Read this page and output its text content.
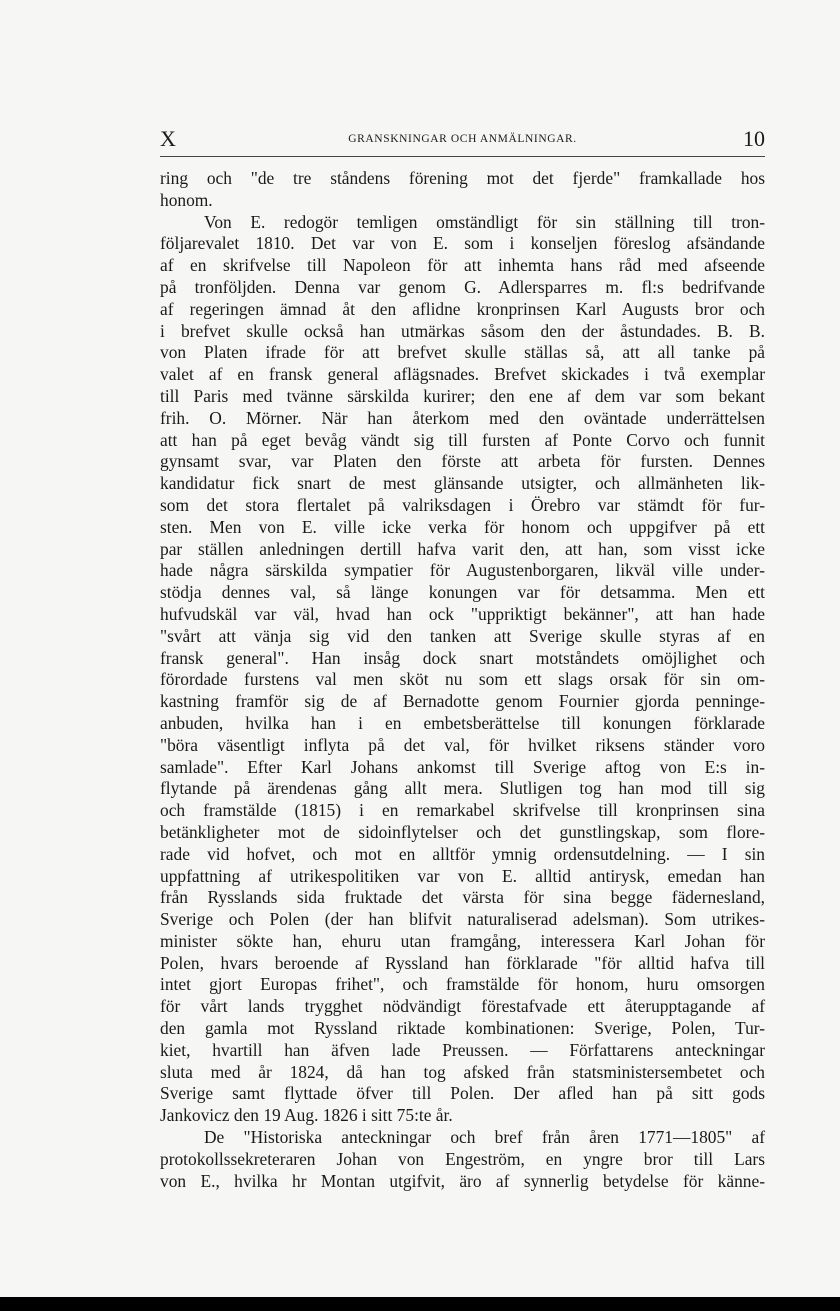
X	GRANSKNINGAR OCH ANMÄLNINGAR.	10
ring och "de tre ståndens förening mot det fjerde" framkallade hos
honom.
Von E. redogör temligen omständligt för sin ställning till tron-
följarevalet 1810. Det var von E. som i konseljen föreslog afsändande
af en skrifvelse till Napoleon för att inhemta hans råd med afseende
på tronföljden. Denna var genom G. Adlersparres m. fl:s bedrifvande
af regeringen ämnad åt den aflidne kronprinsen Karl Augusts bror och
i brefvet skulle också han utmärkas såsom den der åstundades. B. B.
von Platen ifrade för att brefvet skulle ställas så, att all tanke på
valet af en fransk general aflägsnades. Brefvet skickades i två exemplar
till Paris med tvänne särskilda kurirer; den ene af dem var som bekant
frih. O. Mörner. När han återkom med den oväntade underrättelsen
att han på eget bevåg vändt sig till fursten af Ponte Corvo och funnit
gynsamt svar, var Platen den förste att arbeta för fursten. Dennes
kandidatur fick snart de mest glänsande utsigter, och allmänheten lik-
som det stora flertalet på valriksdagen i Örebro var stämdt för fur-
sten. Men von E. ville icke verka för honom och uppgifver på ett
par ställen anledningen dertill hafva varit den, att han, som visst icke
hade några särskilda sympatier för Augustenborgaren, likväl ville under-
stödja dennes val, så länge konungen var för detsamma. Men ett
hufvudskäl var väl, hvad han ock "uppriktigt bekänner", att han hade
"svårt att vänja sig vid den tanken att Sverige skulle styras af en
fransk general". Han insåg dock snart motståndets omöjlighet och
förordade furstens val men sköt nu som ett slags orsak för sin om-
kastning framför sig de af Bernadotte genom Fournier gjorda penninge-
anbuden, hvilka han i en embetsberättelse till konungen förklarade
"böra väsentligt inflyta på det val, för hvilket riksens ständer voro
samlade". Efter Karl Johans ankomst till Sverige aftog von E:s in-
flytande på ärendenas gång allt mera. Slutligen tog han mod till sig
och framstälde (1815) i en remarkabel skrifvelse till kronprinsen sina
betänkligheter mot de sidoinflytelser och det gunstlingskap, som flore-
rade vid hofvet, och mot en alltför ymnig ordensutdelning. — I sin
uppfattning af utrikespolitiken var von E. alltid antirysk, emedan han
från Rysslands sida fruktade det värsta för sina begge fädernesland,
Sverige och Polen (der han blifvit naturaliserad adelsman). Som utrikes-
minister sökte han, ehuru utan framgång, interessera Karl Johan för
Polen, hvars beroende af Ryssland han förklarade "för alltid hafva till
intet gjort Europas frihet", och framstälde för honom, huru omsorgen
för vårt lands trygghet nödvändigt förestafvade ett återupptagande af
den gamla mot Ryssland riktade kombinationen: Sverige, Polen, Tur-
kiet, hvartill han äfven lade Preussen. — Författarens anteckningar
sluta med år 1824, då han tog afsked från statsministersembetet och
Sverige samt flyttade öfver till Polen. Der afled han på sitt gods
Jankovicz den 19 Aug. 1826 i sitt 75:te år.
De "Historiska anteckningar och bref från åren 1771—1805" af
protokollssekreteraren Johan von Engeström, en yngre bror till Lars
von E., hvilka hr Montan utgifvit, äro af synnerlig betydelse för känne-
